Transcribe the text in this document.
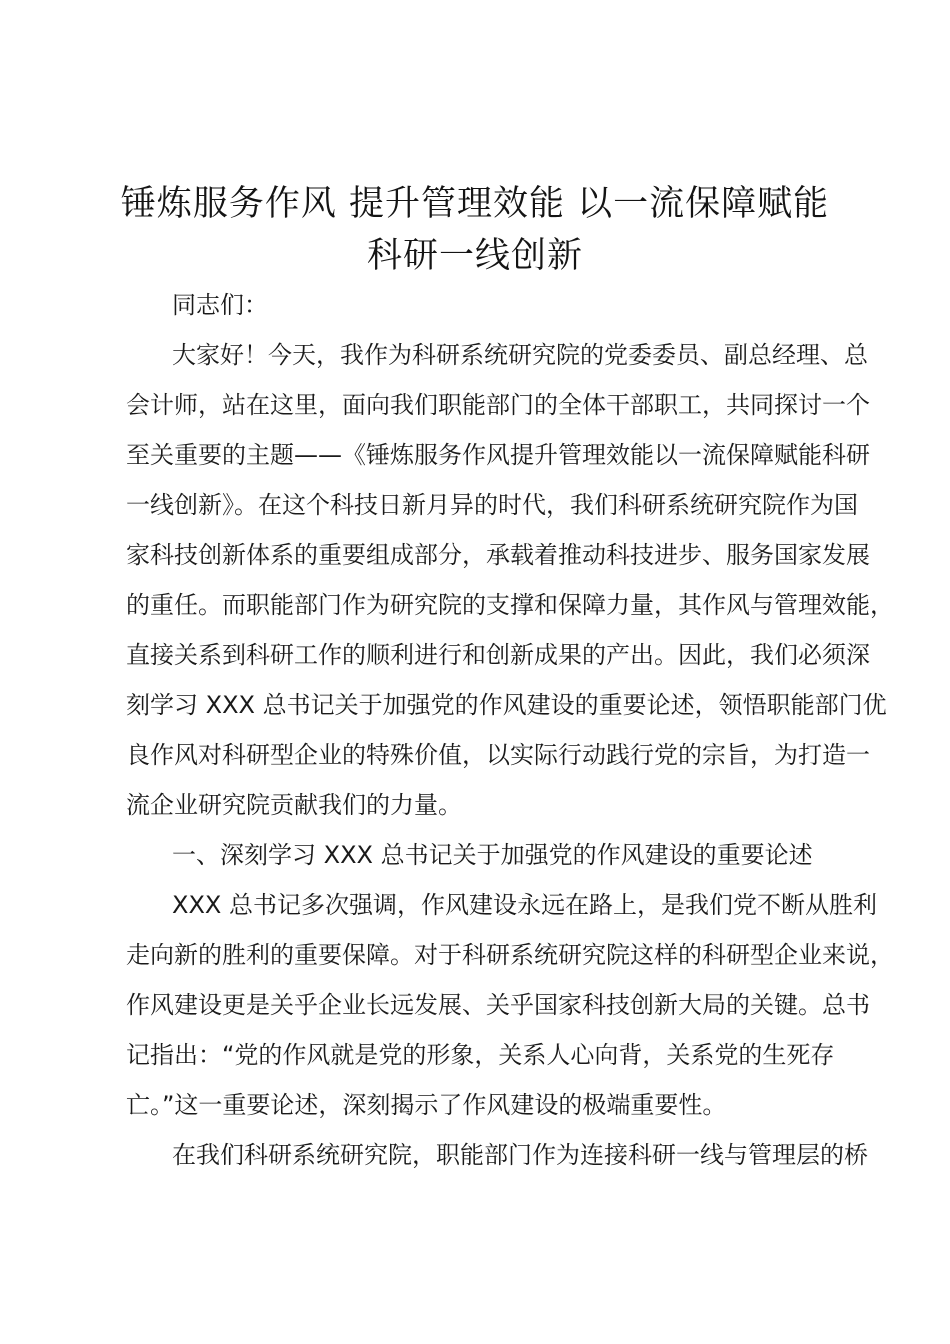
锤炼服务作风 提升管理效能 以一流保障赋能
科研一线创新
同志们：
大家好！今天，我作为科研系统研究院的党委委员、副总经理、总
会计师，站在这里，面向我们职能部门的全体干部职工，共同探讨一个
至关重要的主题——《锤炼服务作风提升管理效能以一流保障赋能科研
一线创新》。在这个科技日新月异的时代，我们科研系统研究院作为国
家科技创新体系的重要组成部分，承载着推动科技进步、服务国家发展
的重任。而职能部门作为研究院的支撑和保障力量，其作风与管理效能，
直接关系到科研工作的顺利进行和创新成果的产出。因此，我们必须深
刻学习 XXX 总书记关于加强党的作风建设的重要论述，领悟职能部门优
良作风对科研型企业的特殊价值，以实际行动践行党的宗旨，为打造一
流企业研究院贡献我们的力量。
一、深刻学习 XXX 总书记关于加强党的作风建设的重要论述
XXX 总书记多次强调，作风建设永远在路上，是我们党不断从胜利
走向新的胜利的重要保障。对于科研系统研究院这样的科研型企业来说，
作风建设更是关乎企业长远发展、关乎国家科技创新大局的关键。总书
记指出：“党的作风就是党的形象，关系人心向背，关系党的生死存
亡。”这一重要论述，深刻揭示了作风建设的极端重要性。
在我们科研系统研究院，职能部门作为连接科研一线与管理层的桥
